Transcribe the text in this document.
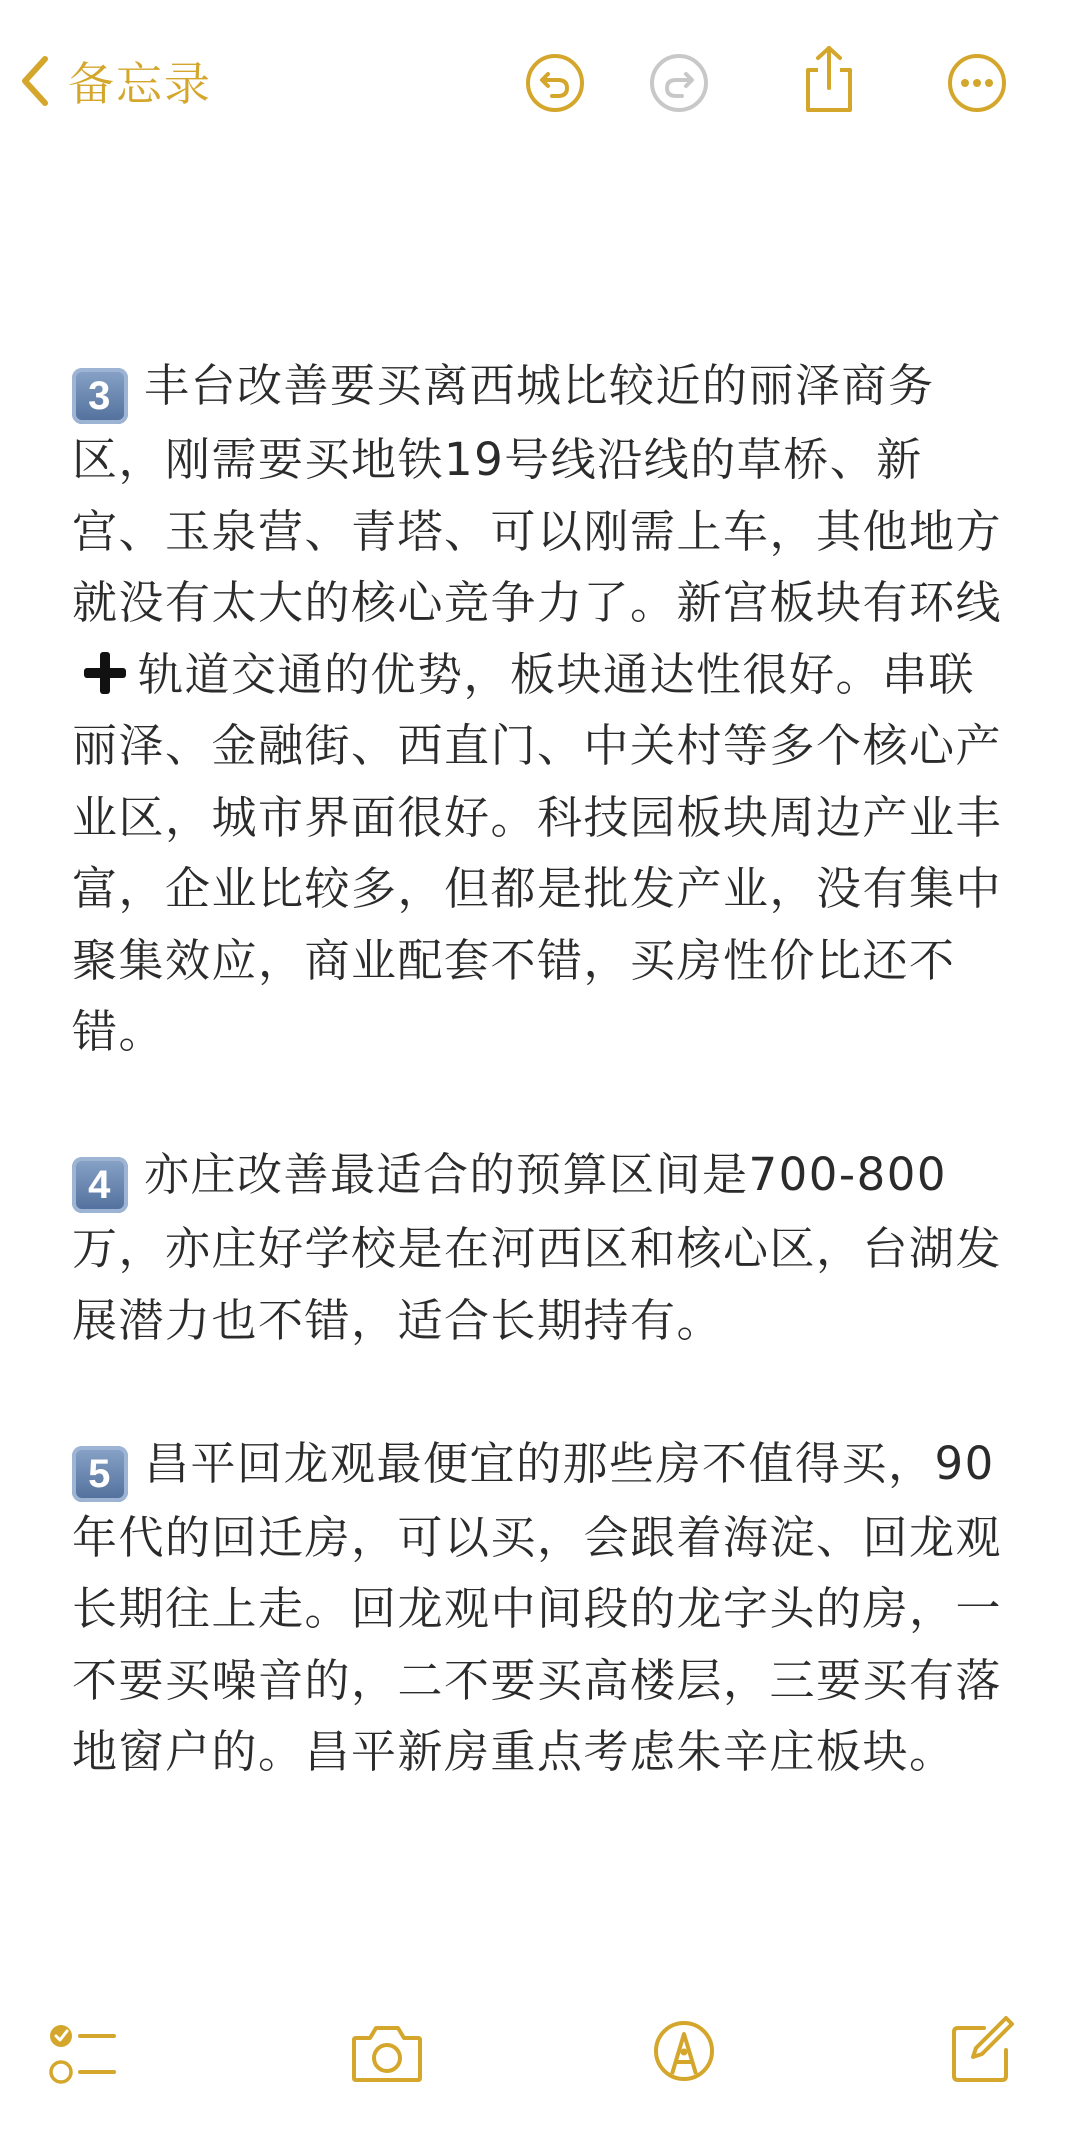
备忘录

3 丰台改善要买离西城比较近的丽泽商务区，刚需要买地铁19号线沿线的草桥、新宫、玉泉营、青塔、可以刚需上车，其他地方就没有太大的核心竞争力了。新宫板块有环线轨道交通的优势，板块通达性很好。串联丽泽、金融街、西直门、中关村等多个核心产业区，城市界面很好。科技园板块周边产业丰富，企业比较多，但都是批发产业，没有集中聚集效应，商业配套不错，买房性价比还不错。

4 亦庄改善最适合的预算区间是700-800万，亦庄好学校是在河西区和核心区，台湖发展潜力也不错，适合长期持有。

5 昌平回龙观最便宜的那些房不值得买，90年代的回迁房，可以买，会跟着海淀、回龙观长期往上走。回龙观中间段的龙字头的房，一不要买噪音的，二不要买高楼层，三要买有落地窗户的。昌平新房重点考虑朱辛庄板块。
